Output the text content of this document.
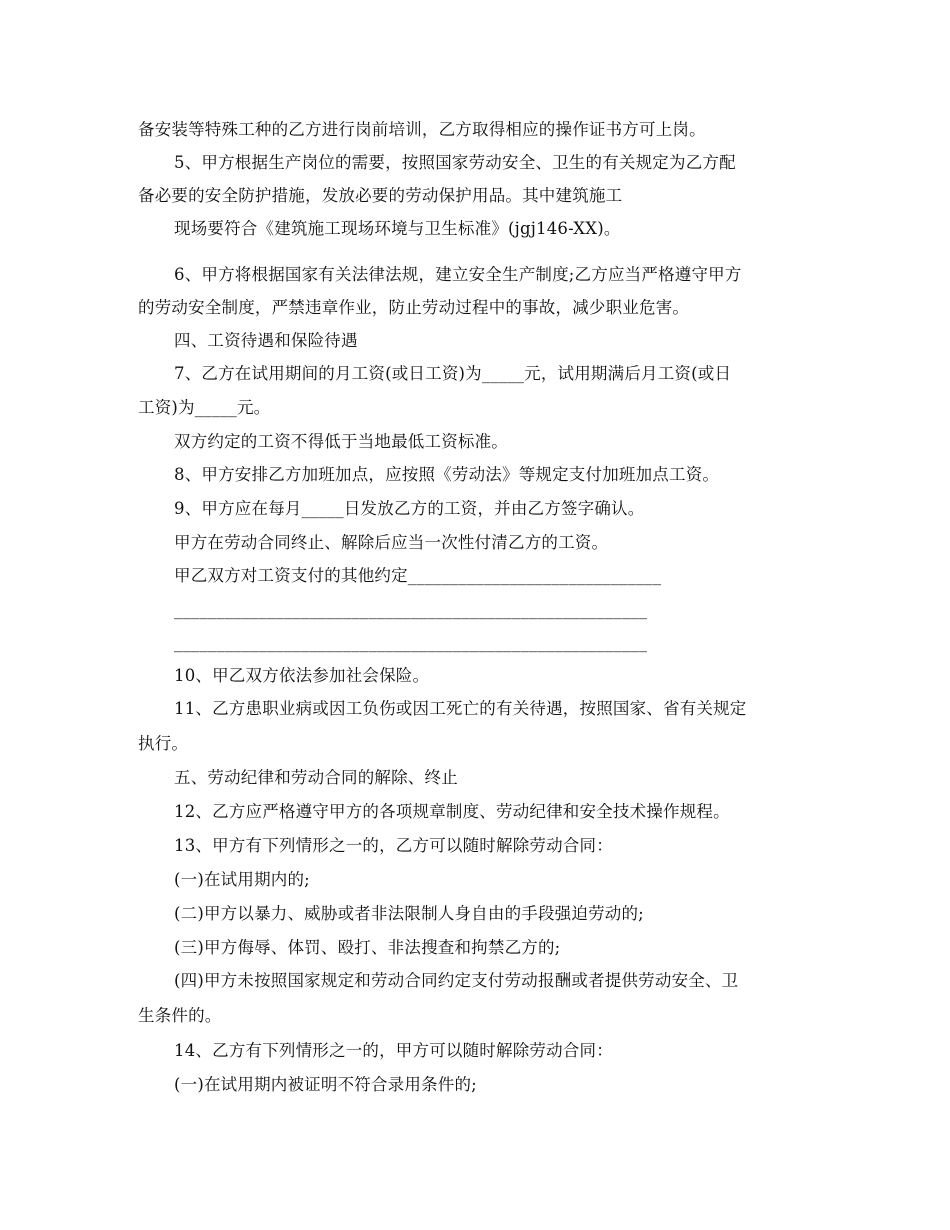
备安装等特殊工种的乙方进行岗前培训，乙方取得相应的操作证书方可上岗。
5、甲方根据生产岗位的需要，按照国家劳动安全、卫生的有关规定为乙方配
备必要的安全防护措施，发放必要的劳动保护用品。其中建筑施工
现场要符合《建筑施工现场环境与卫生标准》(jgj146-XX)。
6、甲方将根据国家有关法律法规，建立安全生产制度;乙方应当严格遵守甲方
的劳动安全制度，严禁违章作业，防止劳动过程中的事故，减少职业危害。
四、工资待遇和保险待遇
7、乙方在试用期间的月工资(或日工资)为_____元，试用期满后月工资(或日
工资)为_____元。
双方约定的工资不得低于当地最低工资标准。
8、甲方安排乙方加班加点，应按照《劳动法》等规定支付加班加点工资。
9、甲方应在每月_____日发放乙方的工资，并由乙方签字确认。
甲方在劳动合同终止、解除后应当一次性付清乙方的工资。
甲乙双方对工资支付的其他约定______________________________
________________________________________________________
________________________________________________________
10、甲乙双方依法参加社会保险。
11、乙方患职业病或因工负伤或因工死亡的有关待遇，按照国家、省有关规定
执行。
五、劳动纪律和劳动合同的解除、终止
12、乙方应严格遵守甲方的各项规章制度、劳动纪律和安全技术操作规程。
13、甲方有下列情形之一的，乙方可以随时解除劳动合同：
(一)在试用期内的;
(二)甲方以暴力、威胁或者非法限制人身自由的手段强迫劳动的;
(三)甲方侮辱、体罚、殴打、非法搜查和拘禁乙方的;
(四)甲方未按照国家规定和劳动合同约定支付劳动报酬或者提供劳动安全、卫
生条件的。
14、乙方有下列情形之一的，甲方可以随时解除劳动合同：
(一)在试用期内被证明不符合录用条件的;
